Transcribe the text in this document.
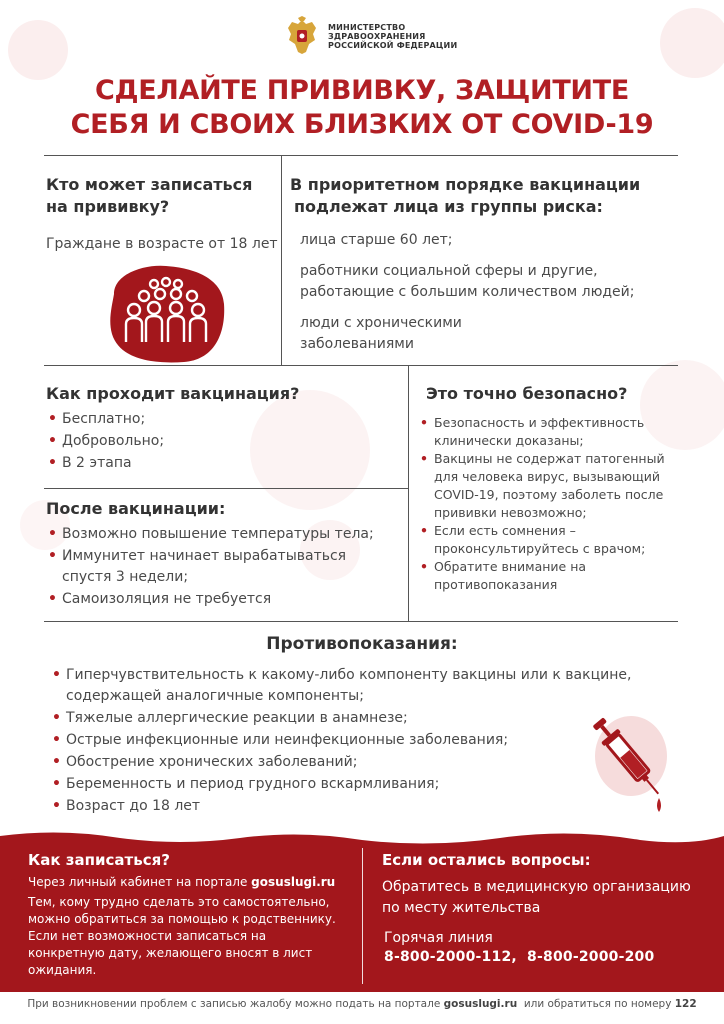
МИНИСТЕРСТВО
ЗДРАВООХРАНЕНИЯ
РОССИЙСКОЙ ФЕДЕРАЦИИ
СДЕЛАЙТЕ ПРИВИВКУ, ЗАЩИТИТЕ
СЕБЯ И СВОИХ БЛИЗКИХ ОТ COVID-19
Кто может записаться
на прививку?
Граждане в возрасте от 18 лет
В приоритетном порядке вакцинации
подлежат лица из группы риска:
лица старше 60 лет;
работники социальной сферы и другие,
работающие с большим количеством людей;
люди с хроническими
заболеваниями
Как проходит вакцинация?
• Бесплатно;
• Добровольно;
• В 2 этапа
После вакцинации:
• Возможно повышение температуры тела;
• Иммунитет начинает вырабатываться
спустя 3 недели;
• Самоизоляция не требуется
Это точно безопасно?
• Безопасность и эффективность
клинически доказаны;
• Вакцины не содержат патогенный
для человека вирус, вызывающий
COVID-19, поэтому заболеть после
прививки невозможно;
• Если есть сомнения –
проконсультируйтесь с врачом;
• Обратите внимание на
противопоказания
Противопоказания:
• Гиперчувствительность к какому-либо компоненту вакцины или к вакцине,
содержащей аналогичные компоненты;
• Тяжелые аллергические реакции в анамнезе;
• Острые инфекционные или неинфекционные заболевания;
• Обострение хронических заболеваний;
• Беременность и период грудного вскармливания;
• Возраст до 18 лет
Как записаться?
Через личный кабинет на портале gosuslugi.ru
Тем, кому трудно сделать это самостоятельно,
можно обратиться за помощью к родственнику.
Если нет возможности записаться на
конкретную дату, желающего вносят в лист
ожидания.
Если остались вопросы:
Обратитесь в медицинскую организацию
по месту жительства
Горячая линия
8-800-2000-112,  8-800-2000-200
При возникновении проблем с записью жалобу можно подать на портале gosuslugi.ru  или обратиться по номеру 122
